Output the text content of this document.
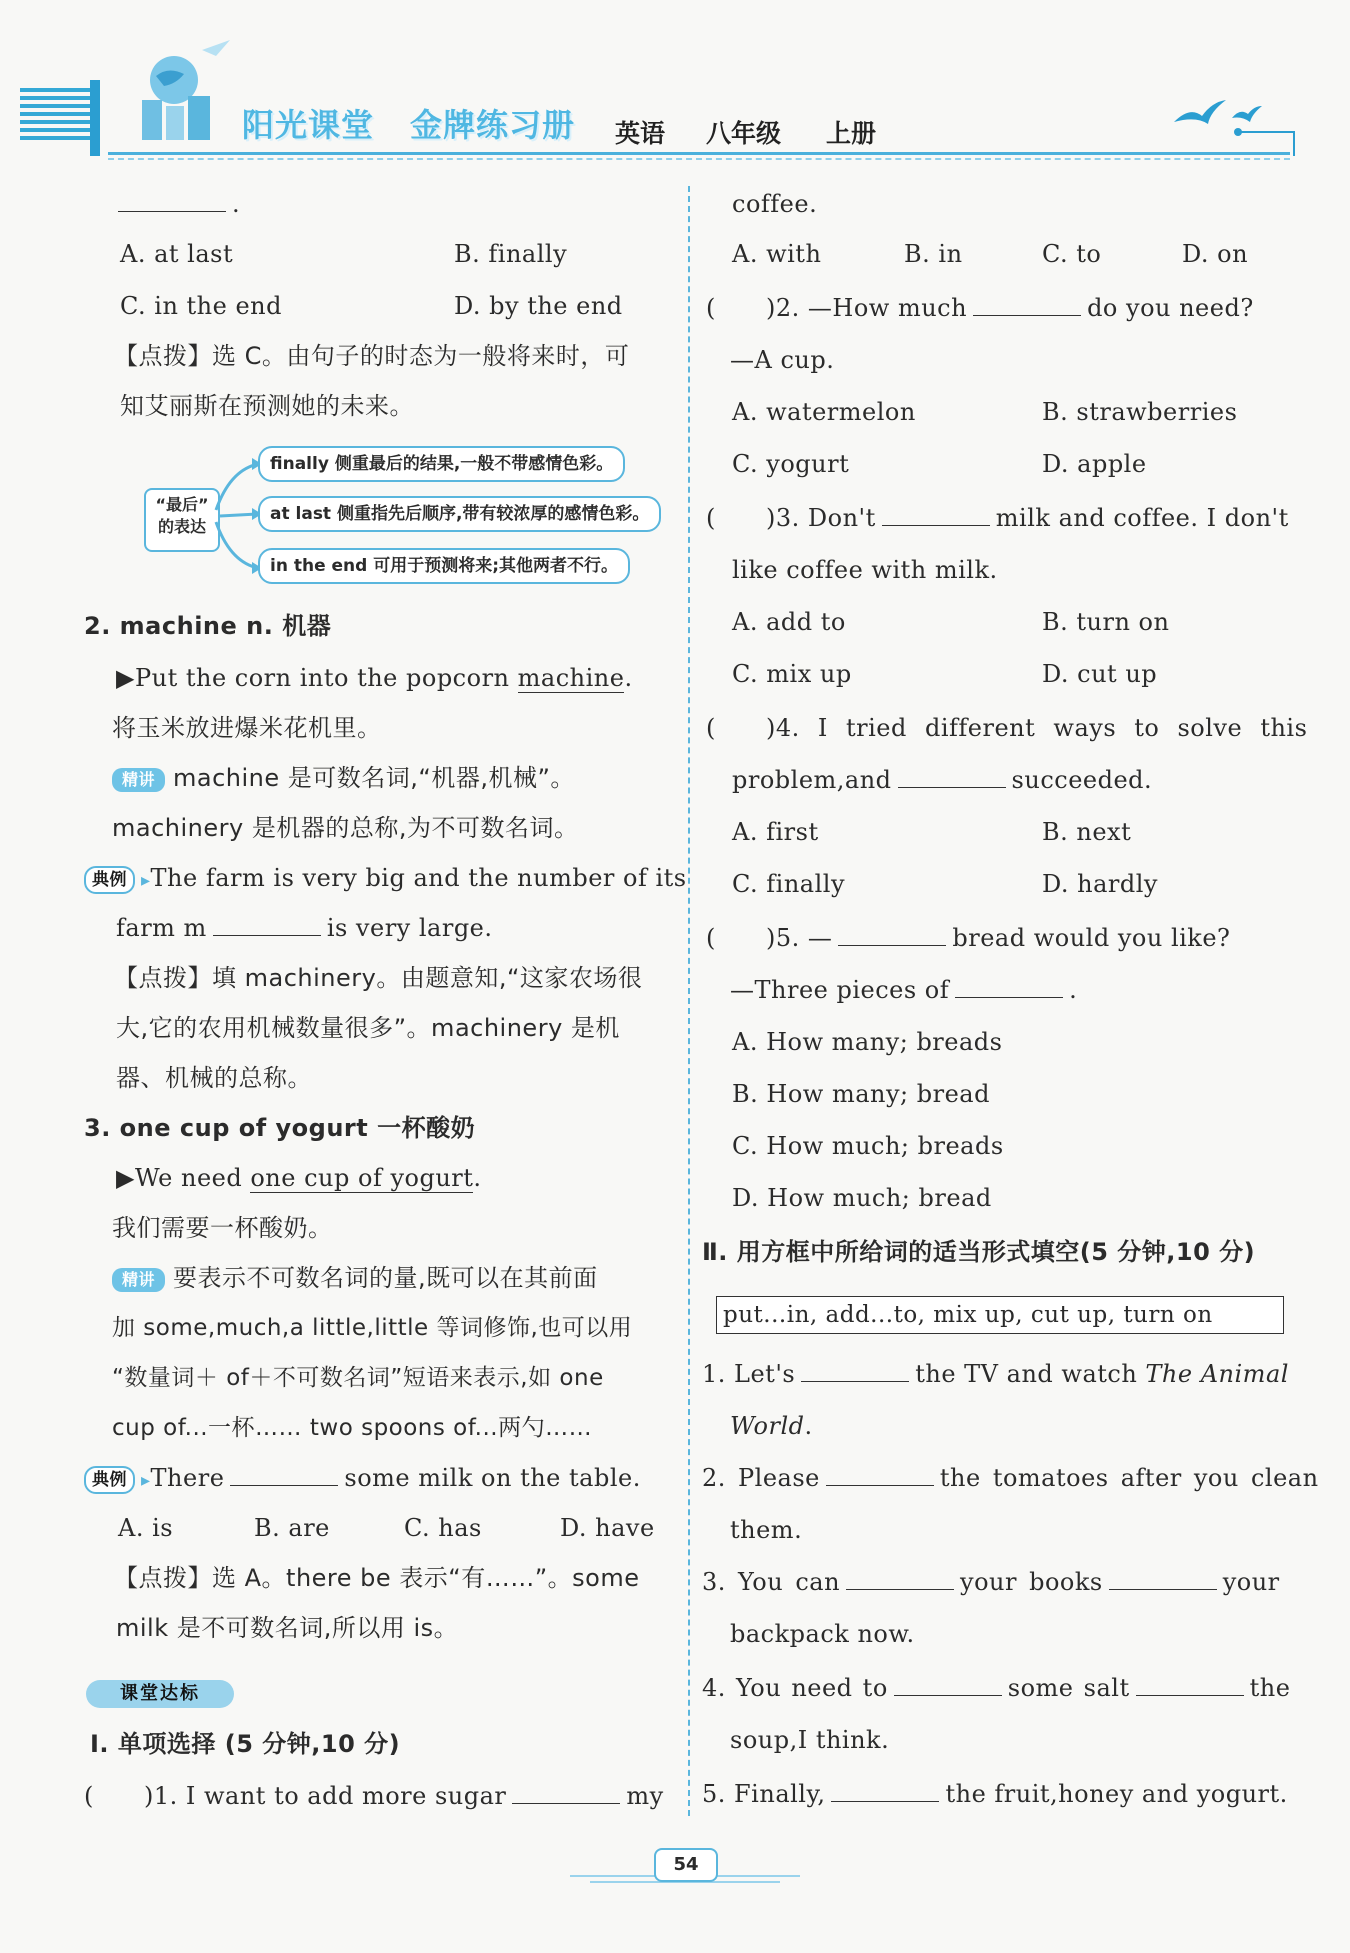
阳光课堂 金牌练习册 英语 八年级 上册
.
A. at last	B. finally
C. in the end	D. by the end
【点拨】选 C。由句子的时态为一般将来时，可
知艾丽斯在预测她的未来。
“最后”
的表达
finally 侧重最后的结果,一般不带感情色彩。
at last 侧重指先后顺序,带有较浓厚的感情色彩。
in the end 可用于预测将来;其他两者不行。
2. machine n. 机器
▶Put the corn into the popcorn machine.
将玉米放进爆米花机里。
精讲 machine 是可数名词,“机器,机械”。
machinery 是机器的总称,为不可数名词。
典例 ▸The farm is very big and the number of its
farm m	is very large.
【点拨】填 machinery。由题意知,“这家农场很
大,它的农用机械数量很多”。machinery 是机
器、机械的总称。
3. one cup of yogurt 一杯酸奶
▶We need one cup of yogurt.
我们需要一杯酸奶。
精讲 要表示不可数名词的量,既可以在其前面
加 some,much,a little,little 等词修饰,也可以用
“数量词＋ of＋不可数名词”短语来表示,如 one
cup of...一杯…… two spoons of...两勺……
典例 ▸There	some milk on the table.
A. is	B. are	C. has	D. have
【点拨】选 A。there be 表示“有……”。some
milk 是不可数名词,所以用 is。
课堂达标
Ⅰ. 单项选择 (5 分钟,10 分)
( )1. I want to add more sugar	my
coffee.
A. with	B. in	C. to	D. on
( )2. —How much	do you need?
—A cup.
A. watermelon	B. strawberries
C. yogurt	D. apple
( )3. Don't	milk and coffee. I don't
like coffee with milk.
A. add to	B. turn on
C. mix up	D. cut up
( )4. I tried different ways to solve this
problem,and	succeeded.
A. first	B. next
C. finally	D. hardly
( )5. —	bread would you like?
—Three pieces of	.
A. How many; breads
B. How many; bread
C. How much; breads
D. How much; bread
Ⅱ. 用方框中所给词的适当形式填空(5 分钟,10 分)
put...in, add...to, mix up, cut up, turn on
1. Let's	the TV and watch The Animal
World.
2. Please	the tomatoes after you clean
them.
3. You can	your books	your
backpack now.
4. You need to	some salt	the
soup,I think.
5. Finally,	the fruit,honey and yogurt.
54
